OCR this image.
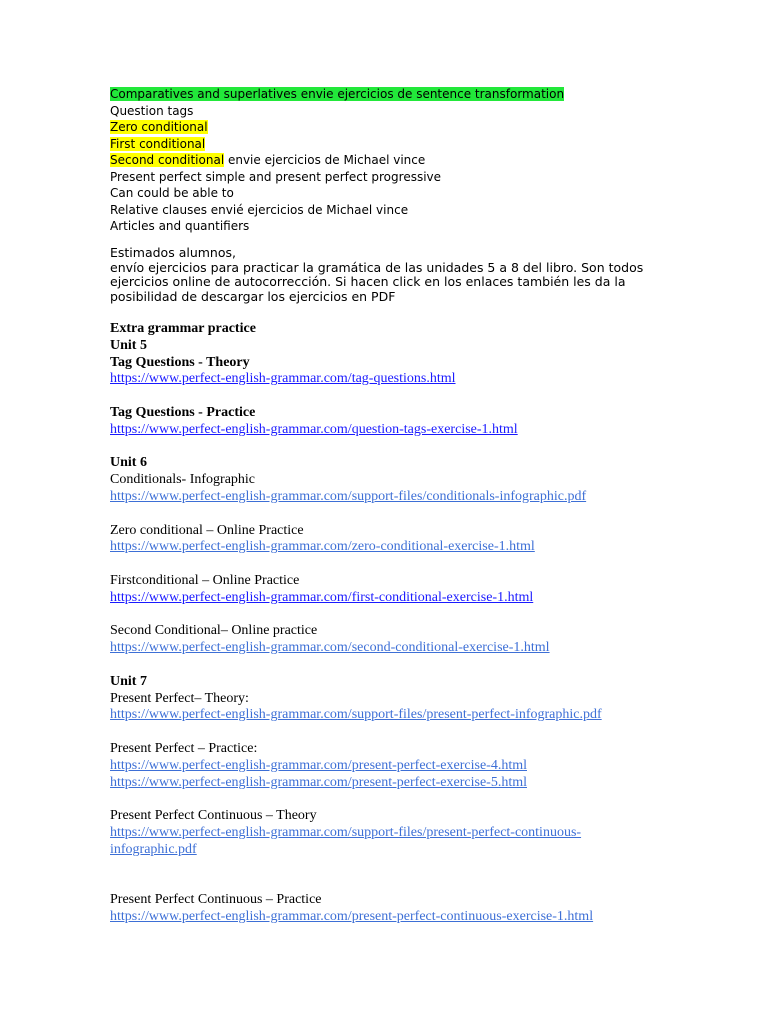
Comparatives and superlatives envie ejercicios de sentence transformation
Question tags
Zero conditional
First conditional
Second conditional envie ejercicios de Michael vince
Present perfect simple and present perfect progressive
Can could be able to
Relative clauses envié ejercicios de Michael vince
Articles and quantifiers

Estimados alumnos,

envío ejercicios para practicar la gramática de las unidades 5 a 8 del libro. Son todos ejercicios online de autocorrección. Si hacen click en los enlaces también les da la posibilidad de descargar los ejercicios en PDF

Extra grammar practice
Unit 5
Tag Questions - Theory
https://www.perfect-english-grammar.com/tag-questions.html
Tag Questions - Practice
https://www.perfect-english-grammar.com/question-tags-exercise-1.html
Unit 6
Conditionals- Infographic
https://www.perfect-english-grammar.com/support-files/conditionals-infographic.pdf
Zero conditional – Online Practice
https://www.perfect-english-grammar.com/zero-conditional-exercise-1.html
Firstconditional – Online Practice
https://www.perfect-english-grammar.com/first-conditional-exercise-1.html
Second Conditional– Online practice
https://www.perfect-english-grammar.com/second-conditional-exercise-1.html
Unit 7
Present Perfect– Theory:
https://www.perfect-english-grammar.com/support-files/present-perfect-infographic.pdf
Present Perfect – Practice:
https://www.perfect-english-grammar.com/present-perfect-exercise-4.html
https://www.perfect-english-grammar.com/present-perfect-exercise-5.html
Present Perfect Continuous – Theory
https://www.perfect-english-grammar.com/support-files/present-perfect-continuous-infographic.pdf
Present Perfect Continuous – Practice
https://www.perfect-english-grammar.com/present-perfect-continuous-exercise-1.html
